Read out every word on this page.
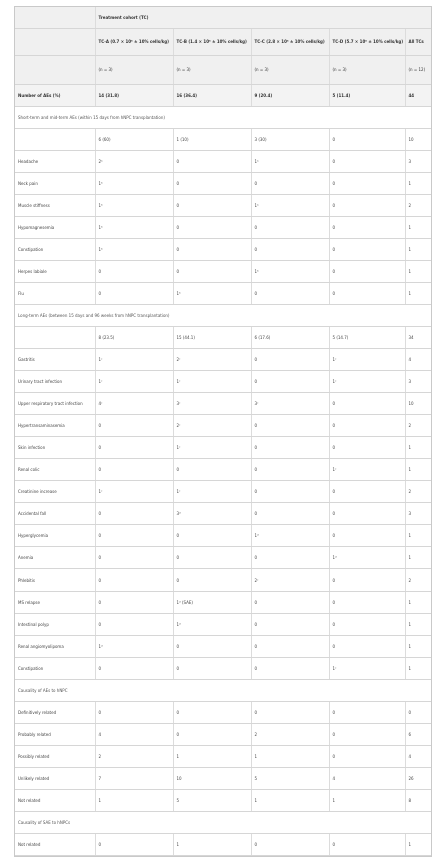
	Treatment cohort (TC)				
	TC-A (0.7 × 10⁶ ± 10% cells/kg)	TC-B (1.4 × 10⁶ ± 10% cells/kg)	TC-C (2.8 × 10⁶ ± 10% cells/kg)	TC-D (5.7 × 10⁶ ± 10% cells/kg)	All TCs
	(n = 3)	(n = 3)	(n = 3)	(n = 3)	(n = 12)
Number of AEs (%)	14 (31.8)	16 (36.4)	9 (20.4)	5 (11.4)	44
Short-term and mid-term AEs (within 15 days from hNPC transplantation)					
	6 (60)	1 (10)	3 (30)	0	10
Headache	2ᵃ	0	1ᵃ	0	3
Neck pain	1ᵇ	0	0	0	1
Muscle stiffness	1ᵇ	0	1ᵃ	0	2
Hypomagnesemia	1ᵇ	0	0	0	1
Constipation	1ᵇ	0	0	0	1
Herpes labiale	0	0	1ᵇ	0	1
Flu	0	1ᵇ	0	0	1
Long-term AEs (between 15 days and 96 weeks from hNPC transplantation)					
	8 (23.5)	15 (44.1)	6 (17.6)	5 (14.7)	34
Gastritis	1ᶜ	2ᶜ	0	1ᶜ	4
Urinary tract infection	1ᶜ	1ᶜ	0	1ᶜ	3
Upper respiratory tract infection	4ᶜ	3ᶜ	3ᶜ	0	10
Hypertransaminasemia	0	2ᶜ	0	0	2
Skin infection	0	1ᶜ	0	0	1
Renal colic	0	0	0	1ᶜ	1
Creatinine increase	1ᶜ	1ᶜ	0	0	2
Accidental fall	0	3ᵈ	0	0	3
Hyperglycemia	0	0	1ᵈ	0	1
Anemia	0	0	0	1ᵈ	1
Phlebitis	0	0	2ᶜ	0	2
MS relapse	0	1ᵈ (SAE)	0	0	1
Intestinal polyp	0	1ᵈ	0	0	1
Renal angiomyolipoma	1ᵈ	0	0	0	1
Constipation	0	0	0	1ᶜ	1
Causality of AEs to hNPC					
Definitively related	0	0	0	0	0
Probably related	4	0	2	0	6
Possibly related	2	1	1	0	4
Unlikely related	7	10	5	4	26
Not related	1	5	1	1	8
Causality of SAE to hNPCs					
Not related	0	1	0	0	1
